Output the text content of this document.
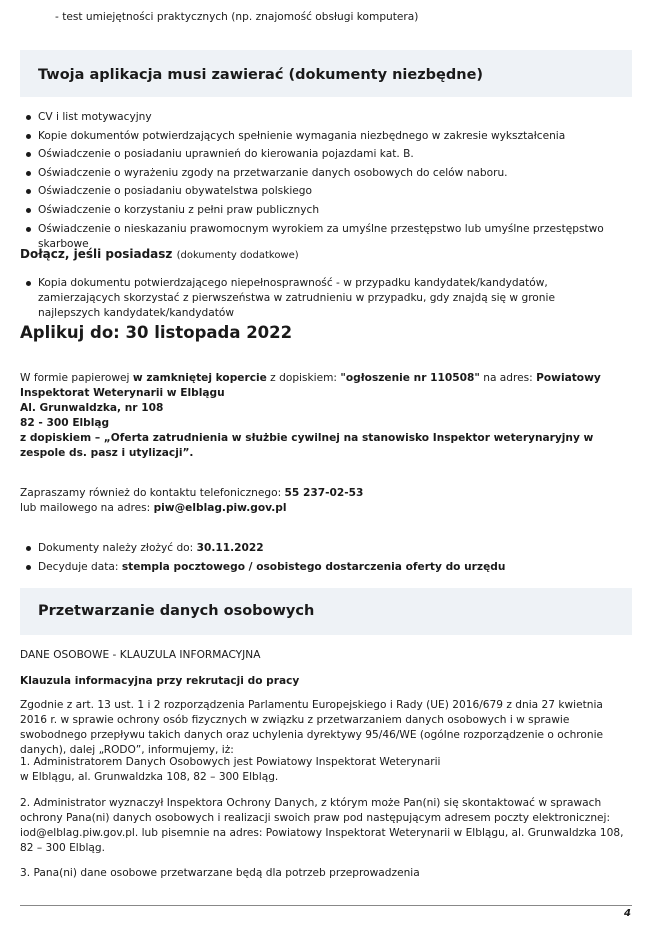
- test umiejętności praktycznych (np. znajomość obsługi komputera)
Twoja aplikacja musi zawierać (dokumenty niezbędne)
CV i list motywacyjny
Kopie dokumentów potwierdzających spełnienie wymagania niezbędnego w zakresie wykształcenia
Oświadczenie o posiadaniu uprawnień do kierowania pojazdami kat. B.
Oświadczenie o wyrażeniu zgody na przetwarzanie danych osobowych do celów naboru.
Oświadczenie o posiadaniu obywatelstwa polskiego
Oświadczenie o korzystaniu z pełni praw publicznych
Oświadczenie o nieskazaniu prawomocnym wyrokiem za umyślne przestępstwo lub umyślne przestępstwo skarbowe
Dołącz, jeśli posiadasz (dokumenty dodatkowe)
Kopia dokumentu potwierdzającego niepełnosprawność - w przypadku kandydatek/kandydatów, zamierzających skorzystać z pierwszeństwa w zatrudnieniu w przypadku, gdy znajdą się w gronie najlepszych kandydatek/kandydatów
Aplikuj do: 30 listopada 2022
W formie papierowej w zamkniętej kopercie z dopiskiem: "ogłoszenie nr 110508" na adres: Powiatowy Inspektorat Weterynarii w Elblągu
Al. Grunwaldzka, nr 108
82 - 300 Elbląg
z dopiskiem – „Oferta zatrudnienia w służbie cywilnej na stanowisko Inspektor weterynaryjny w zespole ds. pasz i utylizacji”.
Zapraszamy również do kontaktu telefonicznego: 55 237-02-53
lub mailowego na adres: piw@elblag.piw.gov.pl
Dokumenty należy złożyć do: 30.11.2022
Decyduje data: stempla pocztowego / osobistego dostarczenia oferty do urzędu
Przetwarzanie danych osobowych
DANE OSOBOWE - KLAUZULA INFORMACYJNA
Klauzula informacyjna przy rekrutacji do pracy
Zgodnie z art. 13 ust. 1 i 2 rozporządzenia Parlamentu Europejskiego i Rady (UE) 2016/679 z dnia 27 kwietnia 2016 r. w sprawie ochrony osób fizycznych w związku z przetwarzaniem danych osobowych i w sprawie swobodnego przepływu takich danych oraz uchylenia dyrektywy 95/46/WE (ogólne rozporządzenie o ochronie danych), dalej „RODO”, informujemy, iż:
1. Administratorem Danych Osobowych jest Powiatowy Inspektorat Weterynarii
w Elblągu, al. Grunwaldzka 108, 82 – 300 Elbląg.
2. Administrator wyznaczył Inspektora Ochrony Danych, z którym może Pan(ni) się skontaktować w sprawach ochrony Pana(ni) danych osobowych i realizacji swoich praw pod następującym adresem poczty elektronicznej: iod@elblag.piw.gov.pl. lub pisemnie na adres: Powiatowy Inspektorat Weterynarii w Elblągu, al. Grunwaldzka 108, 82 – 300 Elbląg.
3. Pana(ni) dane osobowe przetwarzane będą dla potrzeb przeprowadzenia
4
